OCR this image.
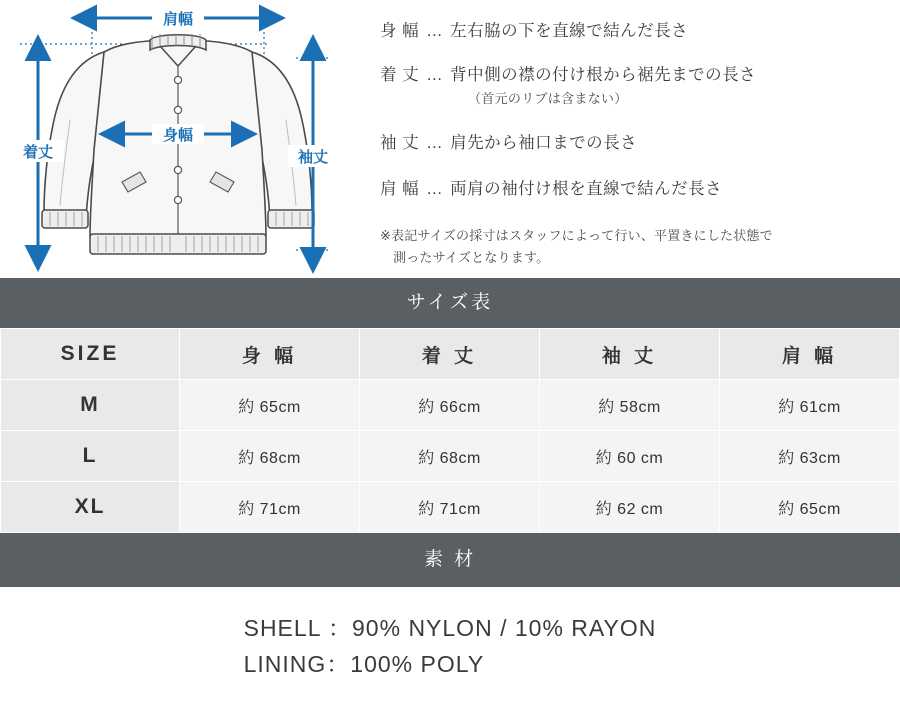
肩幅
身幅
着丈	袖丈
身 幅 … 左右脇の下を直線で結んだ長さ
着 丈 … 背中側の襟の付け根から裾先までの長さ
（首元のリブは含まない）
袖 丈 … 肩先から袖口までの長さ
肩 幅 … 両肩の袖付け根を直線で結んだ長さ
※表記サイズの採寸はスタッフによって行い、平置きにした状態で
測ったサイズとなります。
サイズ表
SIZE	身 幅	着 丈	袖 丈	肩 幅
M	約 65cm	約 66cm	約 58cm	約 61cm
L	約 68cm	約 68cm	約 60 cm	約 63cm
XL	約 71cm	約 71cm	約 62 cm	約 65cm
素 材
SHELL ：90% NYLON / 10% RAYON
LINING：100% POLY
